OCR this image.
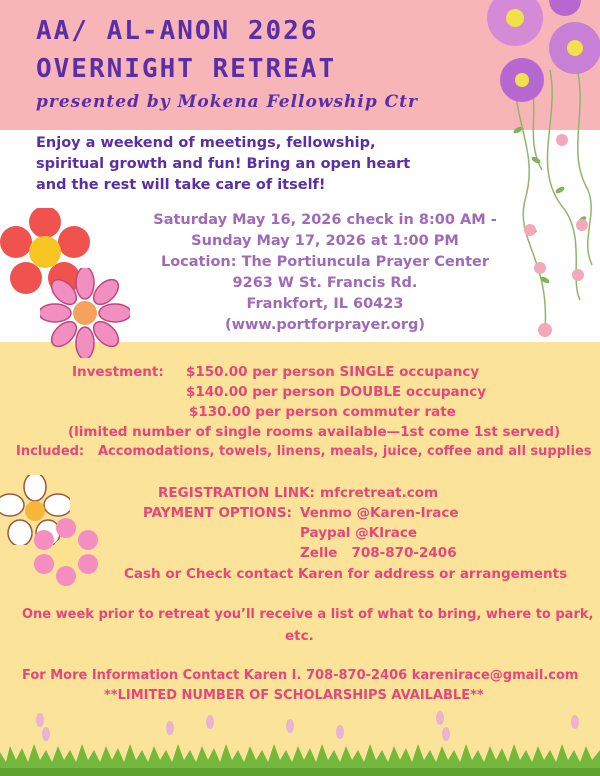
AA/ AL-ANON 2026
OVERNIGHT RETREAT
presented by Mokena Fellowship Ctr
Enjoy a weekend of meetings, fellowship,
spiritual growth and fun! Bring an open heart
and the rest will take care of itself!
Saturday May 16, 2026 check in 8:00 AM -
Sunday May 17, 2026 at 1:00 PM
Location: The Portiuncula Prayer Center
9263 W St. Francis Rd.
Frankfort, IL 60423
(www.portforprayer.org)
Investment: $150.00 per person SINGLE occupancy
$140.00 per person DOUBLE occupancy
$130.00 per person commuter rate
(limited number of single rooms available—1st come 1st served)
Included: Accomodations, towels, linens, meals, juice, coffee and all supplies
REGISTRATION LINK: mfcretreat.com
PAYMENT OPTIONS: Venmo @Karen-Irace
Paypal @KIrace
Zelle   708-870-2406
Cash or Check contact Karen for address or arrangements
One week prior to retreat you’ll receive a list of what to bring, where to park,
etc.
For More Information Contact Karen I. 708-870-2406 karenirace@gmail.com
**LIMITED NUMBER OF SCHOLARSHIPS AVAILABLE**
